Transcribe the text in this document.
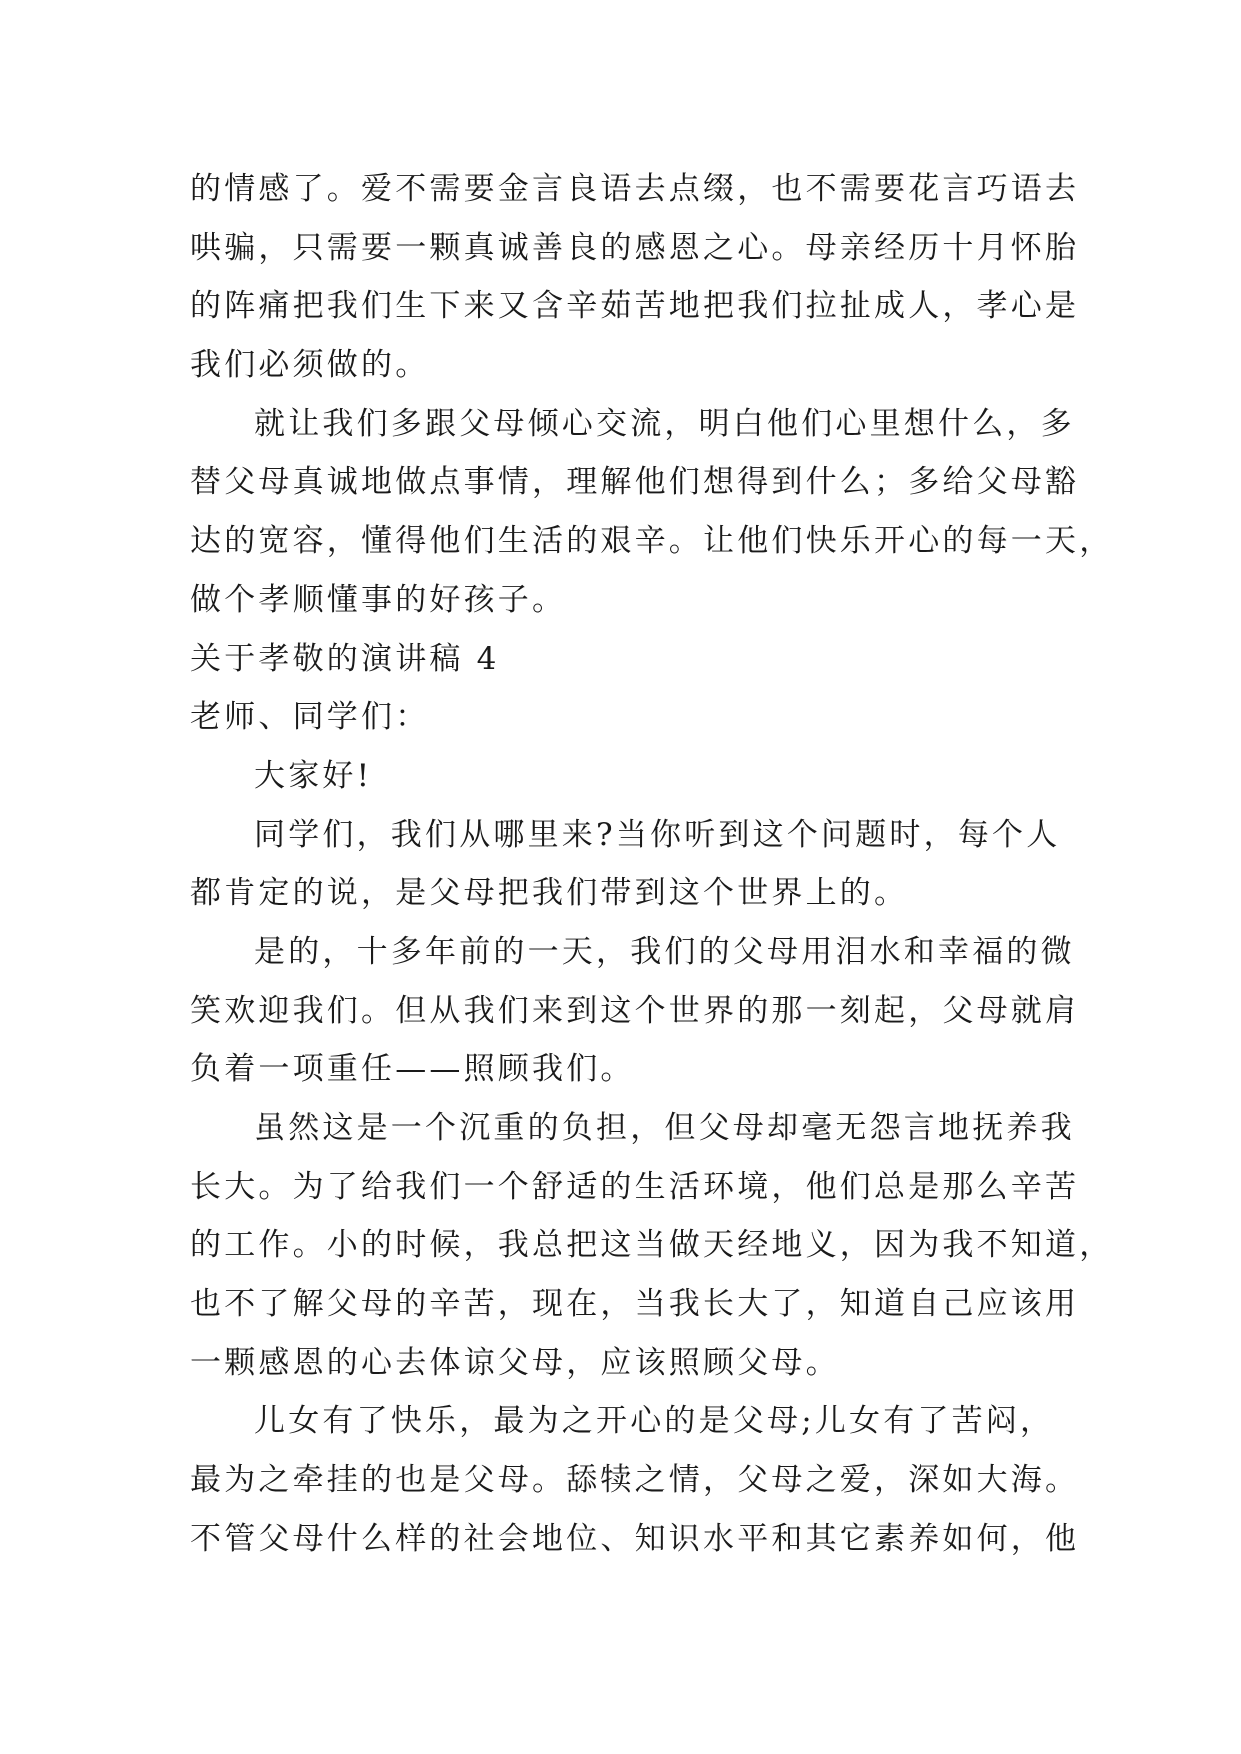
的情感了。爱不需要金言良语去点缀，也不需要花言巧语去
哄骗，只需要一颗真诚善良的感恩之心。母亲经历十月怀胎
的阵痛把我们生下来又含辛茹苦地把我们拉扯成人，孝心是
我们必须做的。
就让我们多跟父母倾心交流，明白他们心里想什么，多
替父母真诚地做点事情，理解他们想得到什么；多给父母豁
达的宽容，懂得他们生活的艰辛。让他们快乐开心的每一天，
做个孝顺懂事的好孩子。
关于孝敬的演讲稿 4
老师、同学们：
大家好!
同学们，我们从哪里来?当你听到这个问题时，每个人
都肯定的说，是父母把我们带到这个世界上的。
是的，十多年前的一天，我们的父母用泪水和幸福的微
笑欢迎我们。但从我们来到这个世界的那一刻起，父母就肩
负着一项重任——照顾我们。
虽然这是一个沉重的负担，但父母却毫无怨言地抚养我
长大。为了给我们一个舒适的生活环境，他们总是那么辛苦
的工作。小的时候，我总把这当做天经地义，因为我不知道，
也不了解父母的辛苦，现在，当我长大了，知道自己应该用
一颗感恩的心去体谅父母，应该照顾父母。
儿女有了快乐，最为之开心的是父母;儿女有了苦闷，
最为之牵挂的也是父母。舔犊之情，父母之爱，深如大海。
不管父母什么样的社会地位、知识水平和其它素养如何，他
